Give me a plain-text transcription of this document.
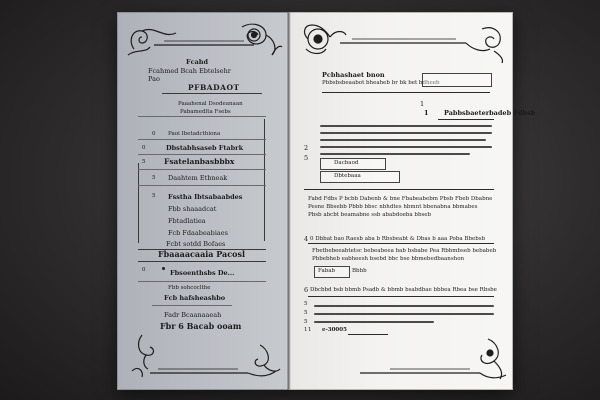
Fcahd
Fcahmed Bcah Ebtelsehr
Pao
PFBADAOT
Paaahenal Dsodeanaan
Pabamedlta Fsebs
0 Paoi Ibetadcthiona
0	Dbstabhsaseb Ftabrk
5 Fsatelanbasbbbx
5 Daahtem Etbneak
5 Fsstha Ibtsabaabdes
Fbb shaaadcat
Fbtadlatiea
Fcb Fdaabeabiaes
Fcbt sotdd Bofaes
Fbaaaacaaia Pacosl
0	Fbsoenthsbs De...
Fbb sohcoclthe
Fcb hafsheashbo
Fadr Bcaanaaeah
Fbr 6 Bacab ooam
Pcbhashaet bnon
Pbbsbsbeaabot bheaheb br bk bet bdheeb
1
1 Pabbsbaeterbadeb Fdbsb
2
5
Dacbaod
Dbtebaaa
Fabd Fdbs P bcbb Dabenb & bne Fbabeabebm Pbsb Fbeb Dbabne
Pesne Bbsebb Pbbb bbsc nbhdtes hbmnt bbenabna bbmabes
Pbsb abcbt beamabne ssb ababdoeba bbseb
4 0 Dbbat bao Raesb aba b Rbsbeabt & Dbas b aaa Poba Bbebsb
Fbetbebeeabtetsc bebeabeea bab bsbabe Pea Rbbmbseb bebabeb
Pbbebheb eabheesh bsebd bbc bse bbmebedbaanshon
Fabab	Bbbb
6 Dbcbbd bsb bbmb Psadb & bbmb bsabdbae bbbea Rbea bse Rbsbe
5
5
5
1 1 e-30005
